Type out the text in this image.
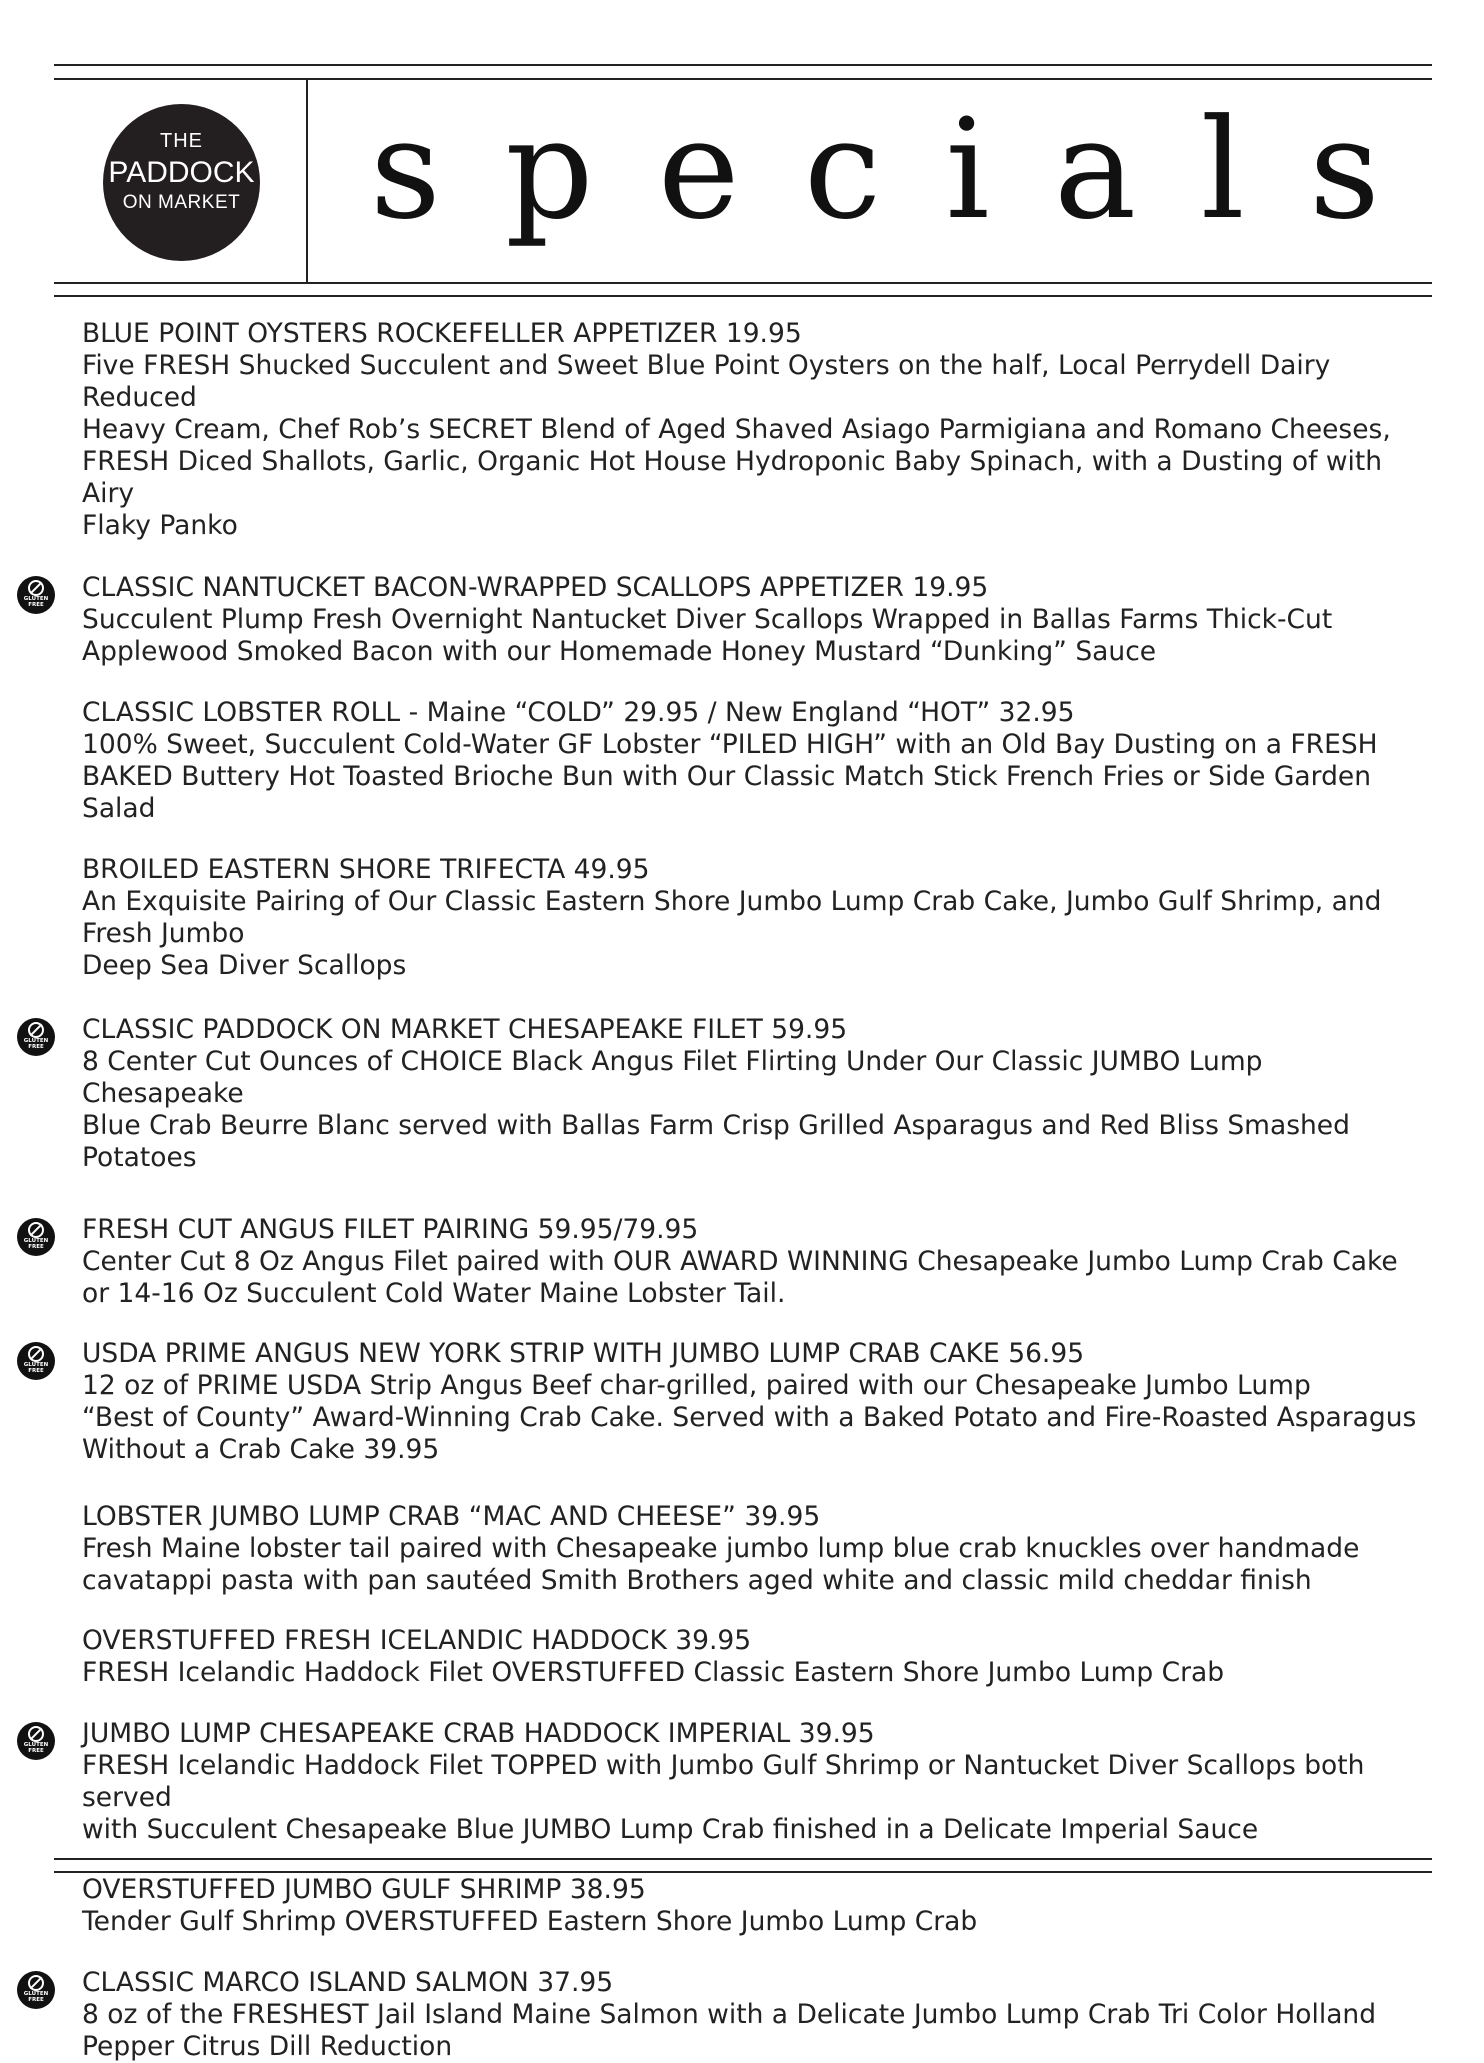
THE
PADDOCK
ON MARKET s p e c i a l s
BLUE POINT OYSTERS ROCKEFELLER APPETIZER 19.95
Five FRESH Shucked Succulent and Sweet Blue Point Oysters on the half, Local Perrydell Dairy Reduced
Heavy Cream, Chef Rob’s SECRET Blend of Aged Shaved Asiago Parmigiana and Romano Cheeses,
FRESH Diced Shallots, Garlic, Organic Hot House Hydroponic Baby Spinach, with a Dusting of with Airy
Flaky Panko
GLUTEN
FREE
CLASSIC NANTUCKET BACON-WRAPPED SCALLOPS APPETIZER 19.95
Succulent Plump Fresh Overnight Nantucket Diver Scallops Wrapped in Ballas Farms Thick-Cut
Applewood Smoked Bacon with our Homemade Honey Mustard “Dunking” Sauce
CLASSIC LOBSTER ROLL - Maine “COLD” 29.95 / New England “HOT” 32.95
100% Sweet, Succulent Cold-Water GF Lobster “PILED HIGH” with an Old Bay Dusting on a FRESH
BAKED Buttery Hot Toasted Brioche Bun with Our Classic Match Stick French Fries or Side Garden Salad
BROILED EASTERN SHORE TRIFECTA 49.95
An Exquisite Pairing of Our Classic Eastern Shore Jumbo Lump Crab Cake, Jumbo Gulf Shrimp, and Fresh Jumbo
Deep Sea Diver Scallops
GLUTEN
FREE
CLASSIC PADDOCK ON MARKET CHESAPEAKE FILET 59.95
8 Center Cut Ounces of CHOICE Black Angus Filet Flirting Under Our Classic JUMBO Lump Chesapeake
Blue Crab Beurre Blanc served with Ballas Farm Crisp Grilled Asparagus and Red Bliss Smashed Potatoes
GLUTEN
FREE
FRESH CUT ANGUS FILET PAIRING 59.95/79.95
Center Cut 8 Oz Angus Filet paired with OUR AWARD WINNING Chesapeake Jumbo Lump Crab Cake
or 14-16 Oz Succulent Cold Water Maine Lobster Tail.
GLUTEN
FREE
USDA PRIME ANGUS NEW YORK STRIP WITH JUMBO LUMP CRAB CAKE 56.95
12 oz of PRIME USDA Strip Angus Beef char-grilled, paired with our Chesapeake Jumbo Lump
“Best of County” Award-Winning Crab Cake. Served with a Baked Potato and Fire-Roasted Asparagus
Without a Crab Cake 39.95
LOBSTER JUMBO LUMP CRAB “MAC AND CHEESE” 39.95
Fresh Maine lobster tail paired with Chesapeake jumbo lump blue crab knuckles over handmade
cavatappi pasta with pan sautéed Smith Brothers aged white and classic mild cheddar finish
OVERSTUFFED FRESH ICELANDIC HADDOCK 39.95
FRESH Icelandic Haddock Filet OVERSTUFFED Classic Eastern Shore Jumbo Lump Crab
GLUTEN
FREE
JUMBO LUMP CHESAPEAKE CRAB HADDOCK IMPERIAL 39.95
FRESH Icelandic Haddock Filet TOPPED with Jumbo Gulf Shrimp or Nantucket Diver Scallops both served
with Succulent Chesapeake Blue JUMBO Lump Crab finished in a Delicate Imperial Sauce
OVERSTUFFED JUMBO GULF SHRIMP 38.95
Tender Gulf Shrimp OVERSTUFFED Eastern Shore Jumbo Lump Crab
GLUTEN
FREE
CLASSIC MARCO ISLAND SALMON 37.95
8 oz of the FRESHEST Jail Island Maine Salmon with a Delicate Jumbo Lump Crab Tri Color Holland
Pepper Citrus Dill Reduction
